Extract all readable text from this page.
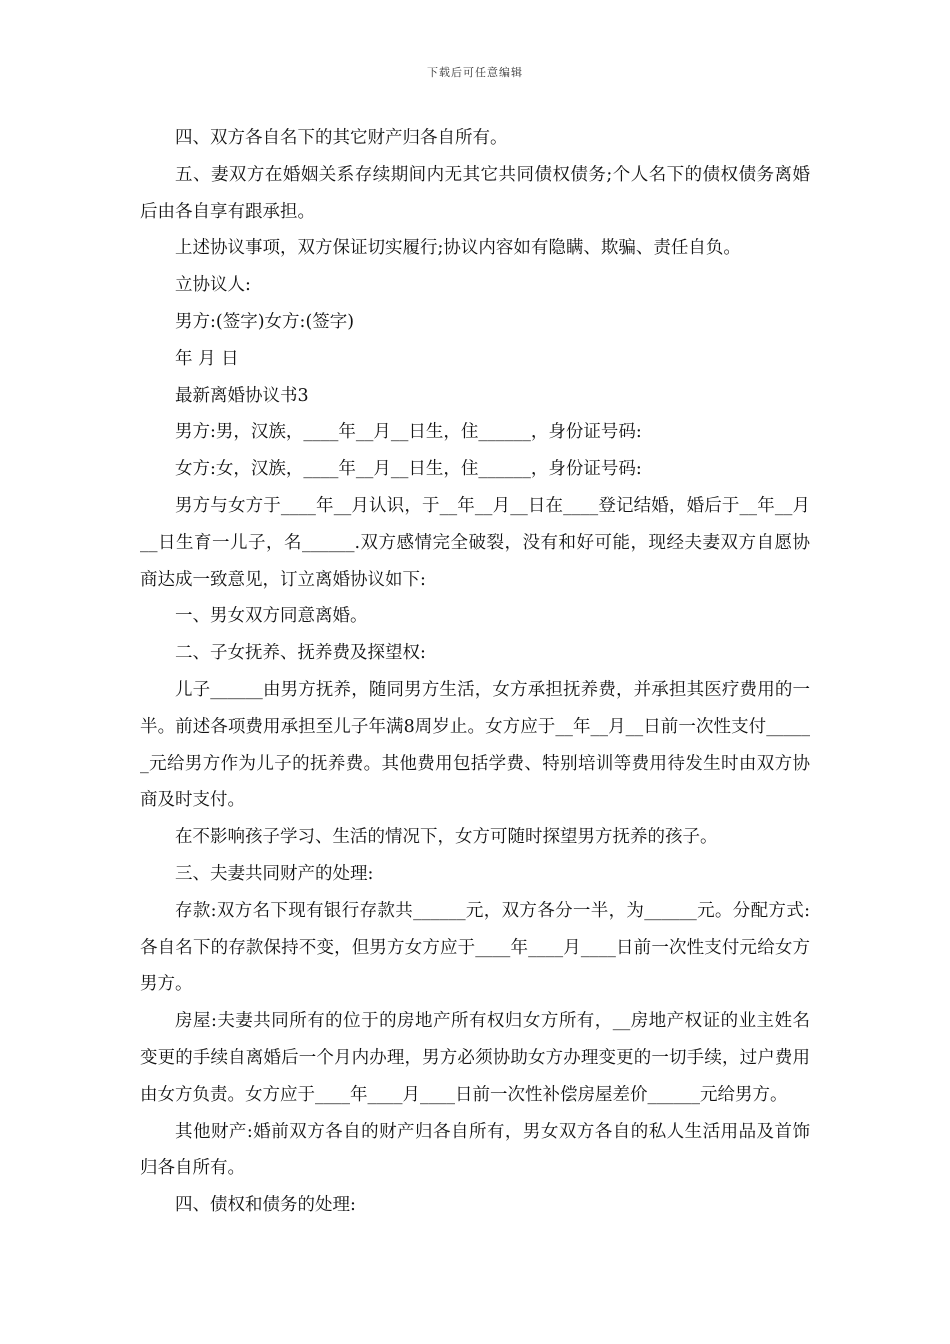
下载后可任意编辑
四、双方各自名下的其它财产归各自所有。
五、妻双方在婚姻关系存续期间内无其它共同债权债务;个人名下的债权债务离婚后由各自享有跟承担。
上述协议事项，双方保证切实履行;协议内容如有隐瞒、欺骗、责任自负。
立协议人:
男方:(签字)女方:(签字)
年 月 日
最新离婚协议书3
男方:男，汉族，____年__月__日生，住______，身份证号码:
女方:女，汉族，____年__月__日生，住______，身份证号码:
男方与女方于____年__月认识，于__年__月__日在____登记结婚，婚后于__年__月__日生育一儿子，名______.双方感情完全破裂，没有和好可能，现经夫妻双方自愿协商达成一致意见，订立离婚协议如下:
一、男女双方同意离婚。
二、子女抚养、抚养费及探望权:
儿子______由男方抚养，随同男方生活，女方承担抚养费，并承担其医疗费用的一半。前述各项费用承担至儿子年满8周岁止。女方应于__年__月__日前一次性支付______元给男方作为儿子的抚养费。其他费用包括学费、特别培训等费用待发生时由双方协商及时支付。
在不影响孩子学习、生活的情况下，女方可随时探望男方抚养的孩子。
三、夫妻共同财产的处理:
存款:双方名下现有银行存款共______元，双方各分一半，为______元。分配方式:各自名下的存款保持不变，但男方女方应于____年____月____日前一次性支付元给女方男方。
房屋:夫妻共同所有的位于的房地产所有权归女方所有，__房地产权证的业主姓名变更的手续自离婚后一个月内办理，男方必须协助女方办理变更的一切手续，过户费用由女方负责。女方应于____年____月____日前一次性补偿房屋差价______元给男方。
其他财产:婚前双方各自的财产归各自所有，男女双方各自的私人生活用品及首饰归各自所有。
四、债权和债务的处理:
